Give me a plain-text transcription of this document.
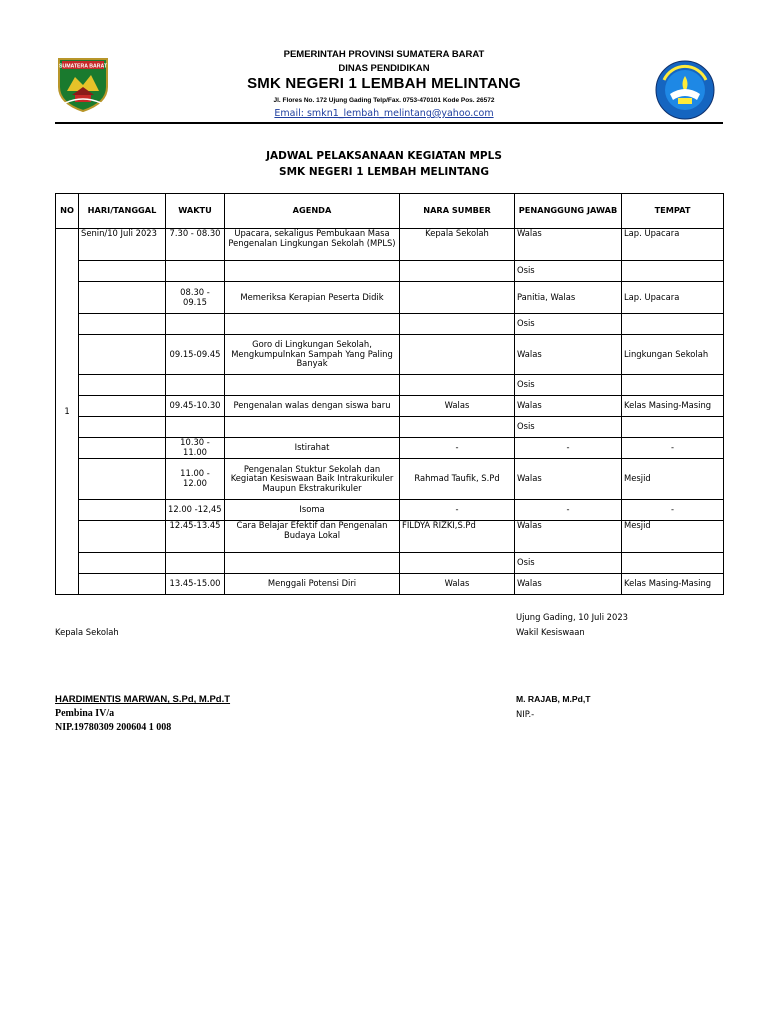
SUMATERA BARAT
PEMERINTAH PROVINSI SUMATERA BARAT
DINAS PENDIDIKAN
SMK NEGERI 1 LEMBAH MELINTANG
Jl. Flores No. 172 Ujung Gading Telp/Fax. 0753-470101 Kode Pos. 26572
Email: smkn1_lembah_melintang@yahoo.com
JADWAL PELAKSANAAN KEGIATAN MPLS
SMK NEGERI 1 LEMBAH MELINTANG
NO	HARI/TANGGAL	WAKTU	AGENDA	NARA SUMBER	PENANGGUNG JAWAB	TEMPAT
1	Senin/10 Juli 2023	7.30 - 08.30	Upacara, sekaligus Pembukaan Masa Pengenalan Lingkungan Sekolah (MPLS)	Kepala Sekolah	Walas	Lap. Upacara
					Osis	
		08.30 - 09.15	Memeriksa Kerapian Peserta Didik		Panitia, Walas	Lap. Upacara
					Osis	
		09.15-09.45	Goro di Lingkungan Sekolah, Mengkumpulnkan Sampah Yang Paling Banyak		Walas	Lingkungan Sekolah
					Osis	
		09.45-10.30	Pengenalan walas dengan siswa baru	Walas	Walas	Kelas Masing-Masing
					Osis	
		10.30 - 11.00	Istirahat	-	-	-
		11.00 - 12.00	Pengenalan Stuktur Sekolah dan Kegiatan Kesiswaan Baik Intrakurikuler Maupun Ekstrakurikuler	Rahmad Taufik, S.Pd	Walas	Mesjid
		12.00 -12,45	Isoma	-	-	-
		12.45-13.45	Cara Belajar Efektif dan Pengenalan Budaya Lokal	FILDYA RIZKI,S.Pd	Walas	Mesjid
					Osis	
		13.45-15.00	Menggali Potensi Diri	Walas	Walas	Kelas Masing-Masing
Ujung Gading, 10 Juli 2023
Kepala Sekolah	Wakil Kesiswaan
HARDIMENTIS MARWAN, S.Pd, M.Pd.T
Pembina IV/a
NIP.19780309 200604 1 008
M. RAJAB, M.Pd,T
NIP.-
